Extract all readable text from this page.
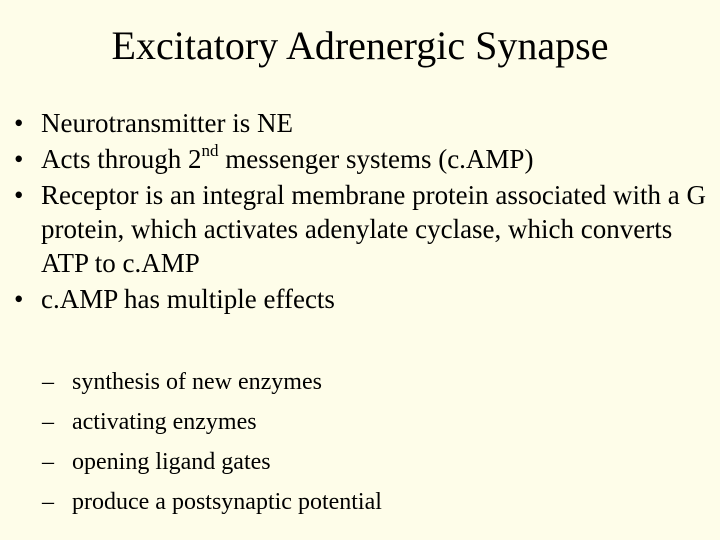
Excitatory Adrenergic Synapse
• Neurotransmitter is NE
• Acts through 2nd messenger systems (c.AMP)
• Receptor is an integral membrane protein associated with a G protein, which activates adenylate cyclase, which converts ATP to c.AMP
• c.AMP has multiple effects
– synthesis of new enzymes
– activating enzymes
– opening ligand gates
– produce a postsynaptic potential
